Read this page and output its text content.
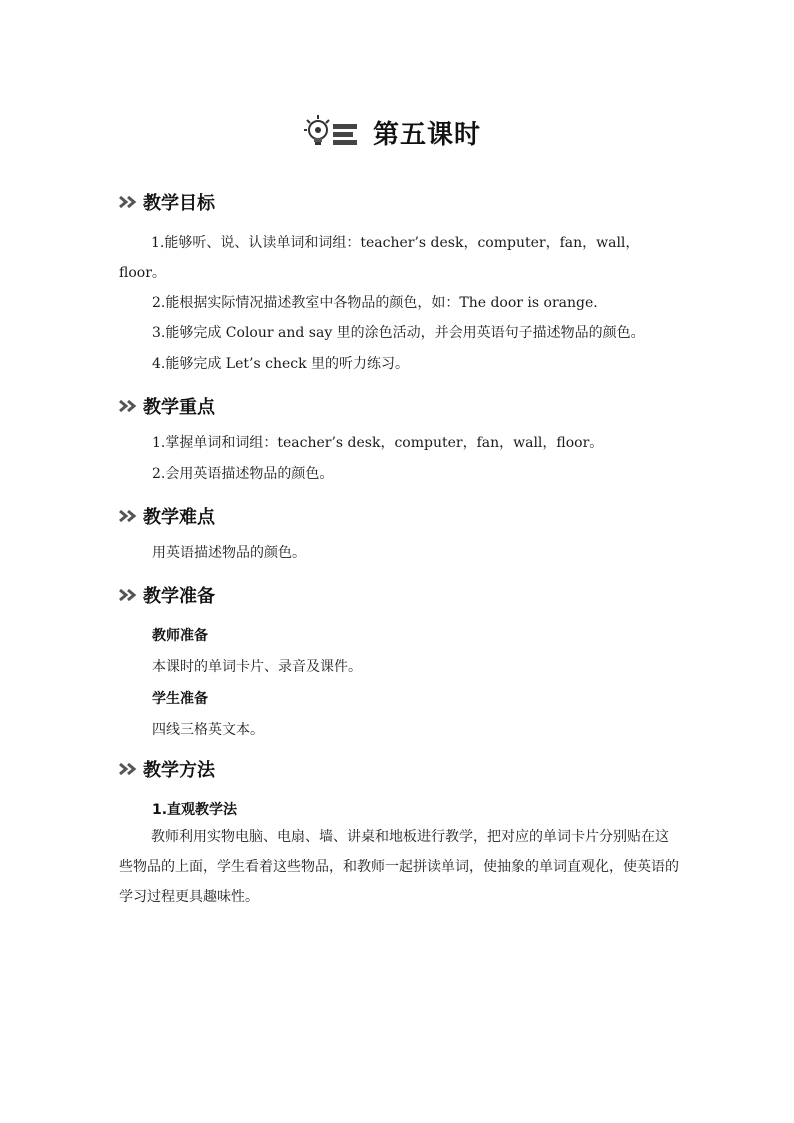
第五课时
教学目标
1.能够听、说、认读单词和词组：teacher’s desk，computer，fan，wall，floor。
2.能根据实际情况描述教室中各物品的颜色，如：The door is orange.
3.能够完成 Colour and say 里的涂色活动，并会用英语句子描述物品的颜色。
4.能够完成 Let’s check 里的听力练习。
教学重点
1.掌握单词和词组：teacher’s desk，computer，fan，wall，floor。
2.会用英语描述物品的颜色。
教学难点
用英语描述物品的颜色。
教学准备
教师准备
本课时的单词卡片、录音及课件。
学生准备
四线三格英文本。
教学方法
1.直观教学法
教师利用实物电脑、电扇、墙、讲桌和地板进行教学，把对应的单词卡片分别贴在这些物品的上面，学生看着这些物品，和教师一起拼读单词，使抽象的单词直观化，使英语的学习过程更具趣味性。
